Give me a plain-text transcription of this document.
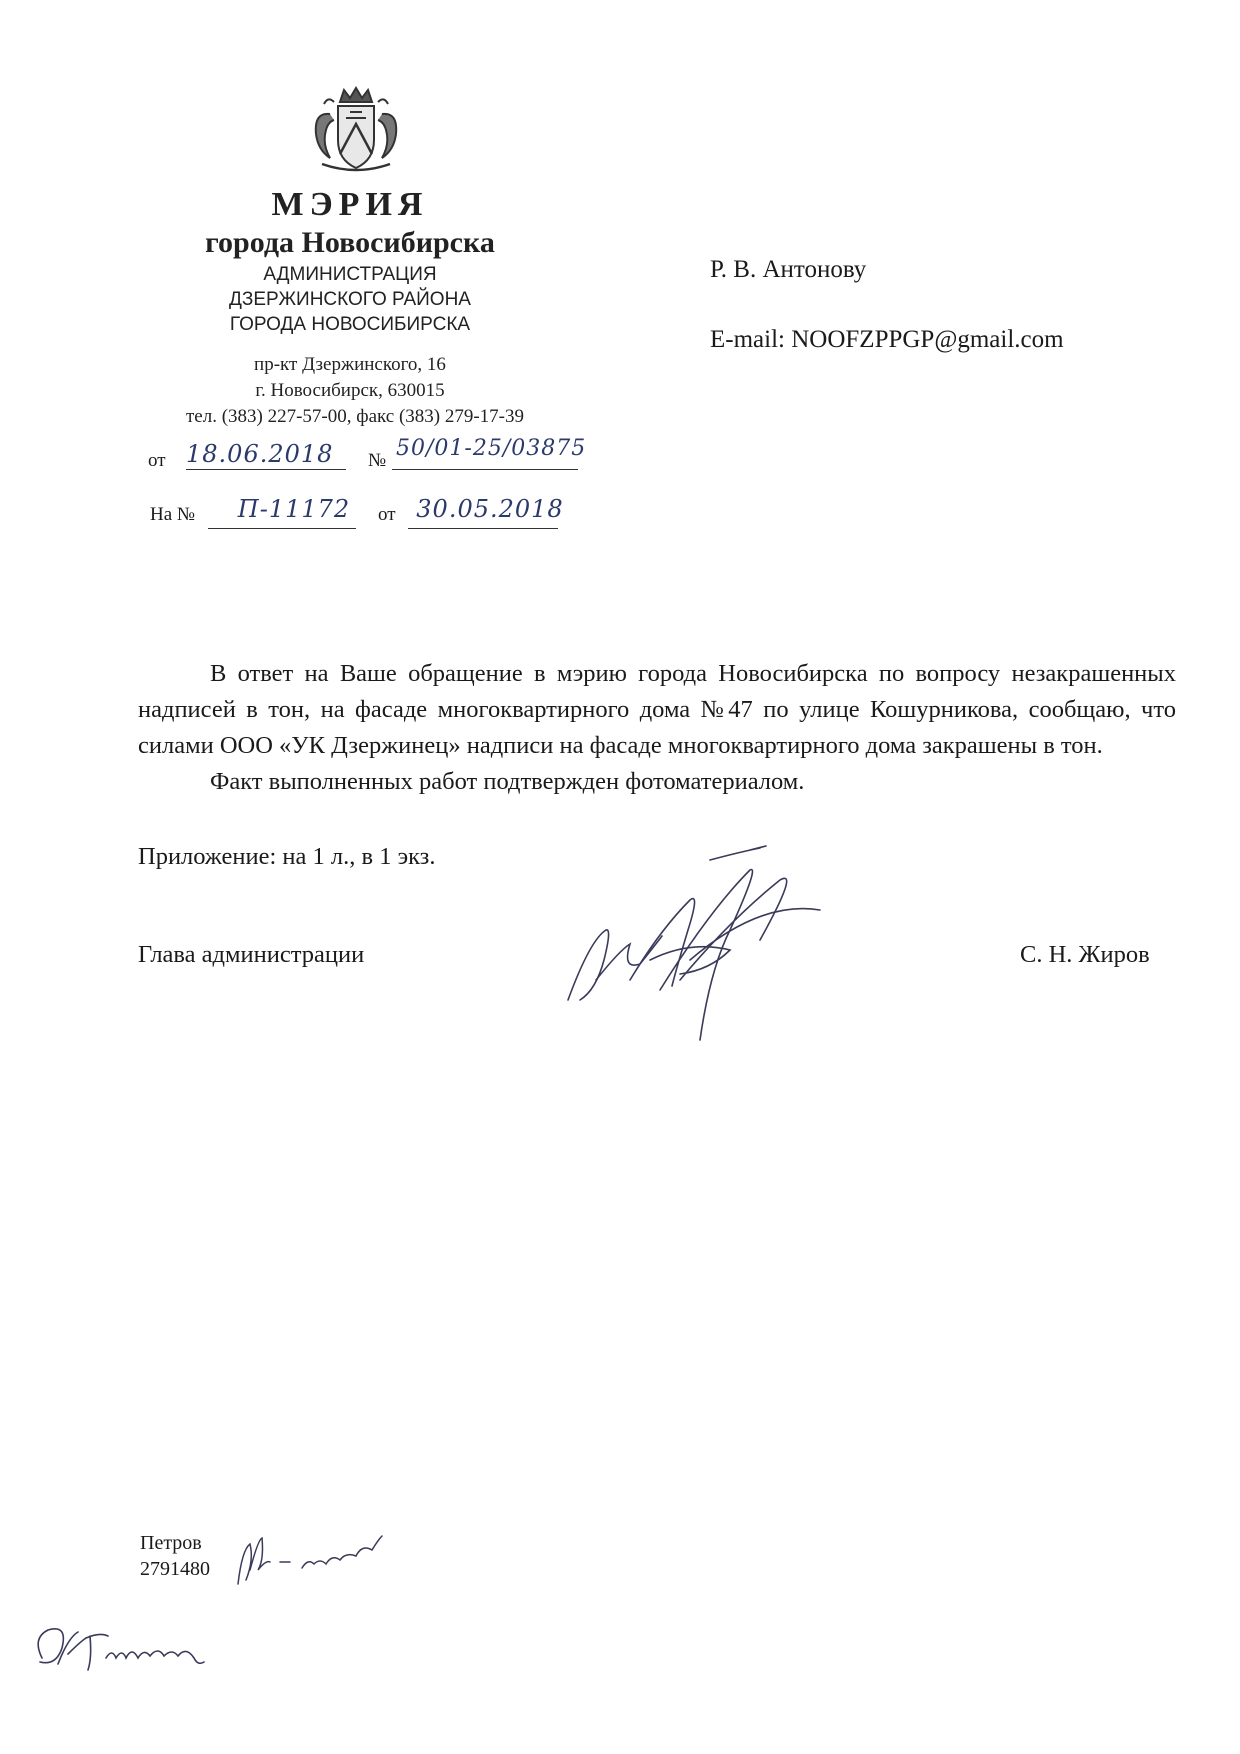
МЭРИЯ
города Новосибирска
АДМИНИСТРАЦИЯ
ДЗЕРЖИНСКОГО РАЙОНА
ГОРОДА НОВОСИБИРСКА
пр-кт Дзержинского, 16
г. Новосибирск, 630015
тел. (383) 227-57-00, факс (383) 279-17-39
от 18.06.2018 № 50/01-25/03875
На №	П-11172	от 30.05.2018
Р. В. Антонову
E-mail: NOOFZPPGP@gmail.com

В ответ на Ваше обращение в мэрию города Новосибирска по вопросу незакрашенных надписей в тон, на фасаде многоквартирного дома №47 по улице Кошурникова, сообщаю, что силами ООО «УК Дзержинец» надписи на фасаде многоквартирного дома закрашены в тон.

Факт выполненных работ подтвержден фотоматериалом.

Приложение: на 1 л., в 1 экз.
Глава администрации	С. Н. Жиров
Петров
2791480
